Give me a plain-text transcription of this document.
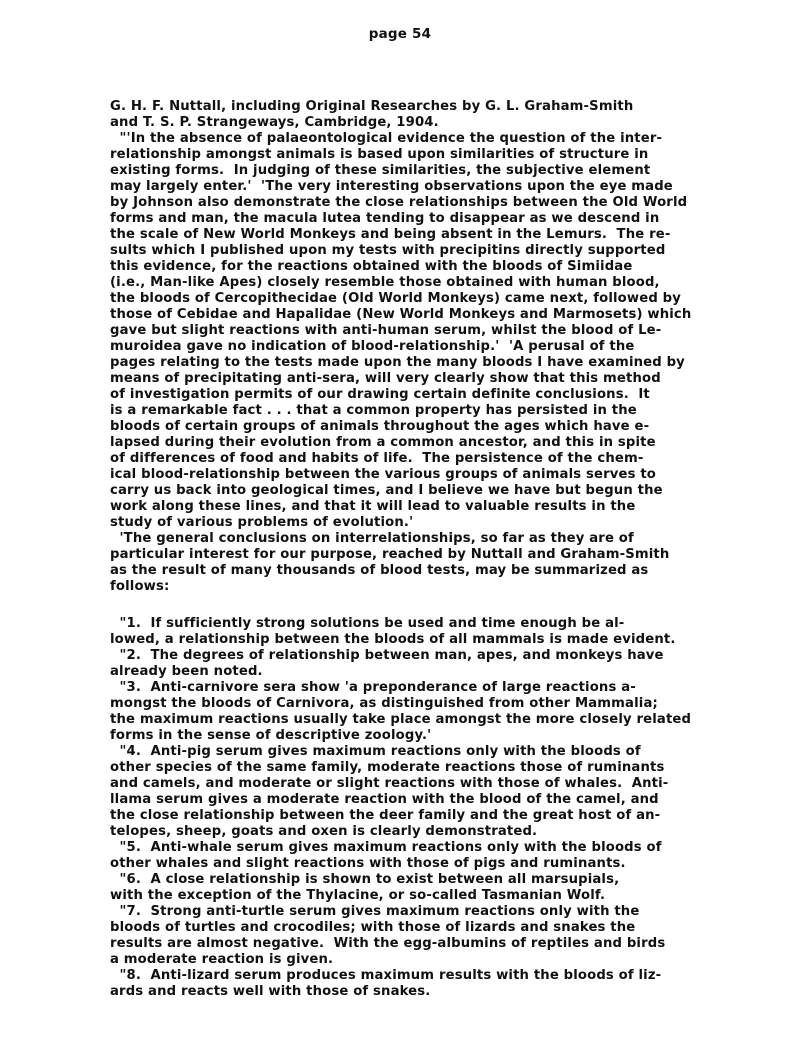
page 54
G. H. F. Nuttall, including Original Researches by G. L. Graham-Smith
and T. S. P. Strangeways, Cambridge, 1904.
"'In the absence of palaeontological evidence the question of the inter-
relationship amongst animals is based upon similarities of structure in
existing forms.  In judging of these similarities, the subjective element
may largely enter.'  'The very interesting observations upon the eye made
by Johnson also demonstrate the close relationships between the Old World
forms and man, the macula lutea tending to disappear as we descend in
the scale of New World Monkeys and being absent in the Lemurs.  The re-
sults which I published upon my tests with precipitins directly supported
this evidence, for the reactions obtained with the bloods of Simiidae
(i.e., Man-like Apes) closely resemble those obtained with human blood,
the bloods of Cercopithecidae (Old World Monkeys) came next, followed by
those of Cebidae and Hapalidae (New World Monkeys and Marmosets) which
gave but slight reactions with anti-human serum, whilst the blood of Le-
muroidea gave no indication of blood-relationship.'  'A perusal of the
pages relating to the tests made upon the many bloods I have examined by
means of precipitating anti-sera, will very clearly show that this method
of investigation permits of our drawing certain definite conclusions.  It
is a remarkable fact . . . that a common property has persisted in the
bloods of certain groups of animals throughout the ages which have e-
lapsed during their evolution from a common ancestor, and this in spite
of differences of food and habits of life.  The persistence of the chem-
ical blood-relationship between the various groups of animals serves to
carry us back into geological times, and I believe we have but begun the
work along these lines, and that it will lead to valuable results in the
study of various problems of evolution.'
'The general conclusions on interrelationships, so far as they are of
particular interest for our purpose, reached by Nuttall and Graham-Smith
as the result of many thousands of blood tests, may be summarized as
follows:
"1.  If sufficiently strong solutions be used and time enough be al-
lowed, a relationship between the bloods of all mammals is made evident.
"2.  The degrees of relationship between man, apes, and monkeys have
already been noted.
"3.  Anti-carnivore sera show 'a preponderance of large reactions a-
mongst the bloods of Carnivora, as distinguished from other Mammalia;
the maximum reactions usually take place amongst the more closely related
forms in the sense of descriptive zoology.'
"4.  Anti-pig serum gives maximum reactions only with the bloods of
other species of the same family, moderate reactions those of ruminants
and camels, and moderate or slight reactions with those of whales.  Anti-
llama serum gives a moderate reaction with the blood of the camel, and
the close relationship between the deer family and the great host of an-
telopes, sheep, goats and oxen is clearly demonstrated.
"5.  Anti-whale serum gives maximum reactions only with the bloods of
other whales and slight reactions with those of pigs and ruminants.
"6.  A close relationship is shown to exist between all marsupials,
with the exception of the Thylacine, or so-called Tasmanian Wolf.
"7.  Strong anti-turtle serum gives maximum reactions only with the
bloods of turtles and crocodiles; with those of lizards and snakes the
results are almost negative.  With the egg-albumins of reptiles and birds
a moderate reaction is given.
"8.  Anti-lizard serum produces maximum results with the bloods of liz-
ards and reacts well with those of snakes.
